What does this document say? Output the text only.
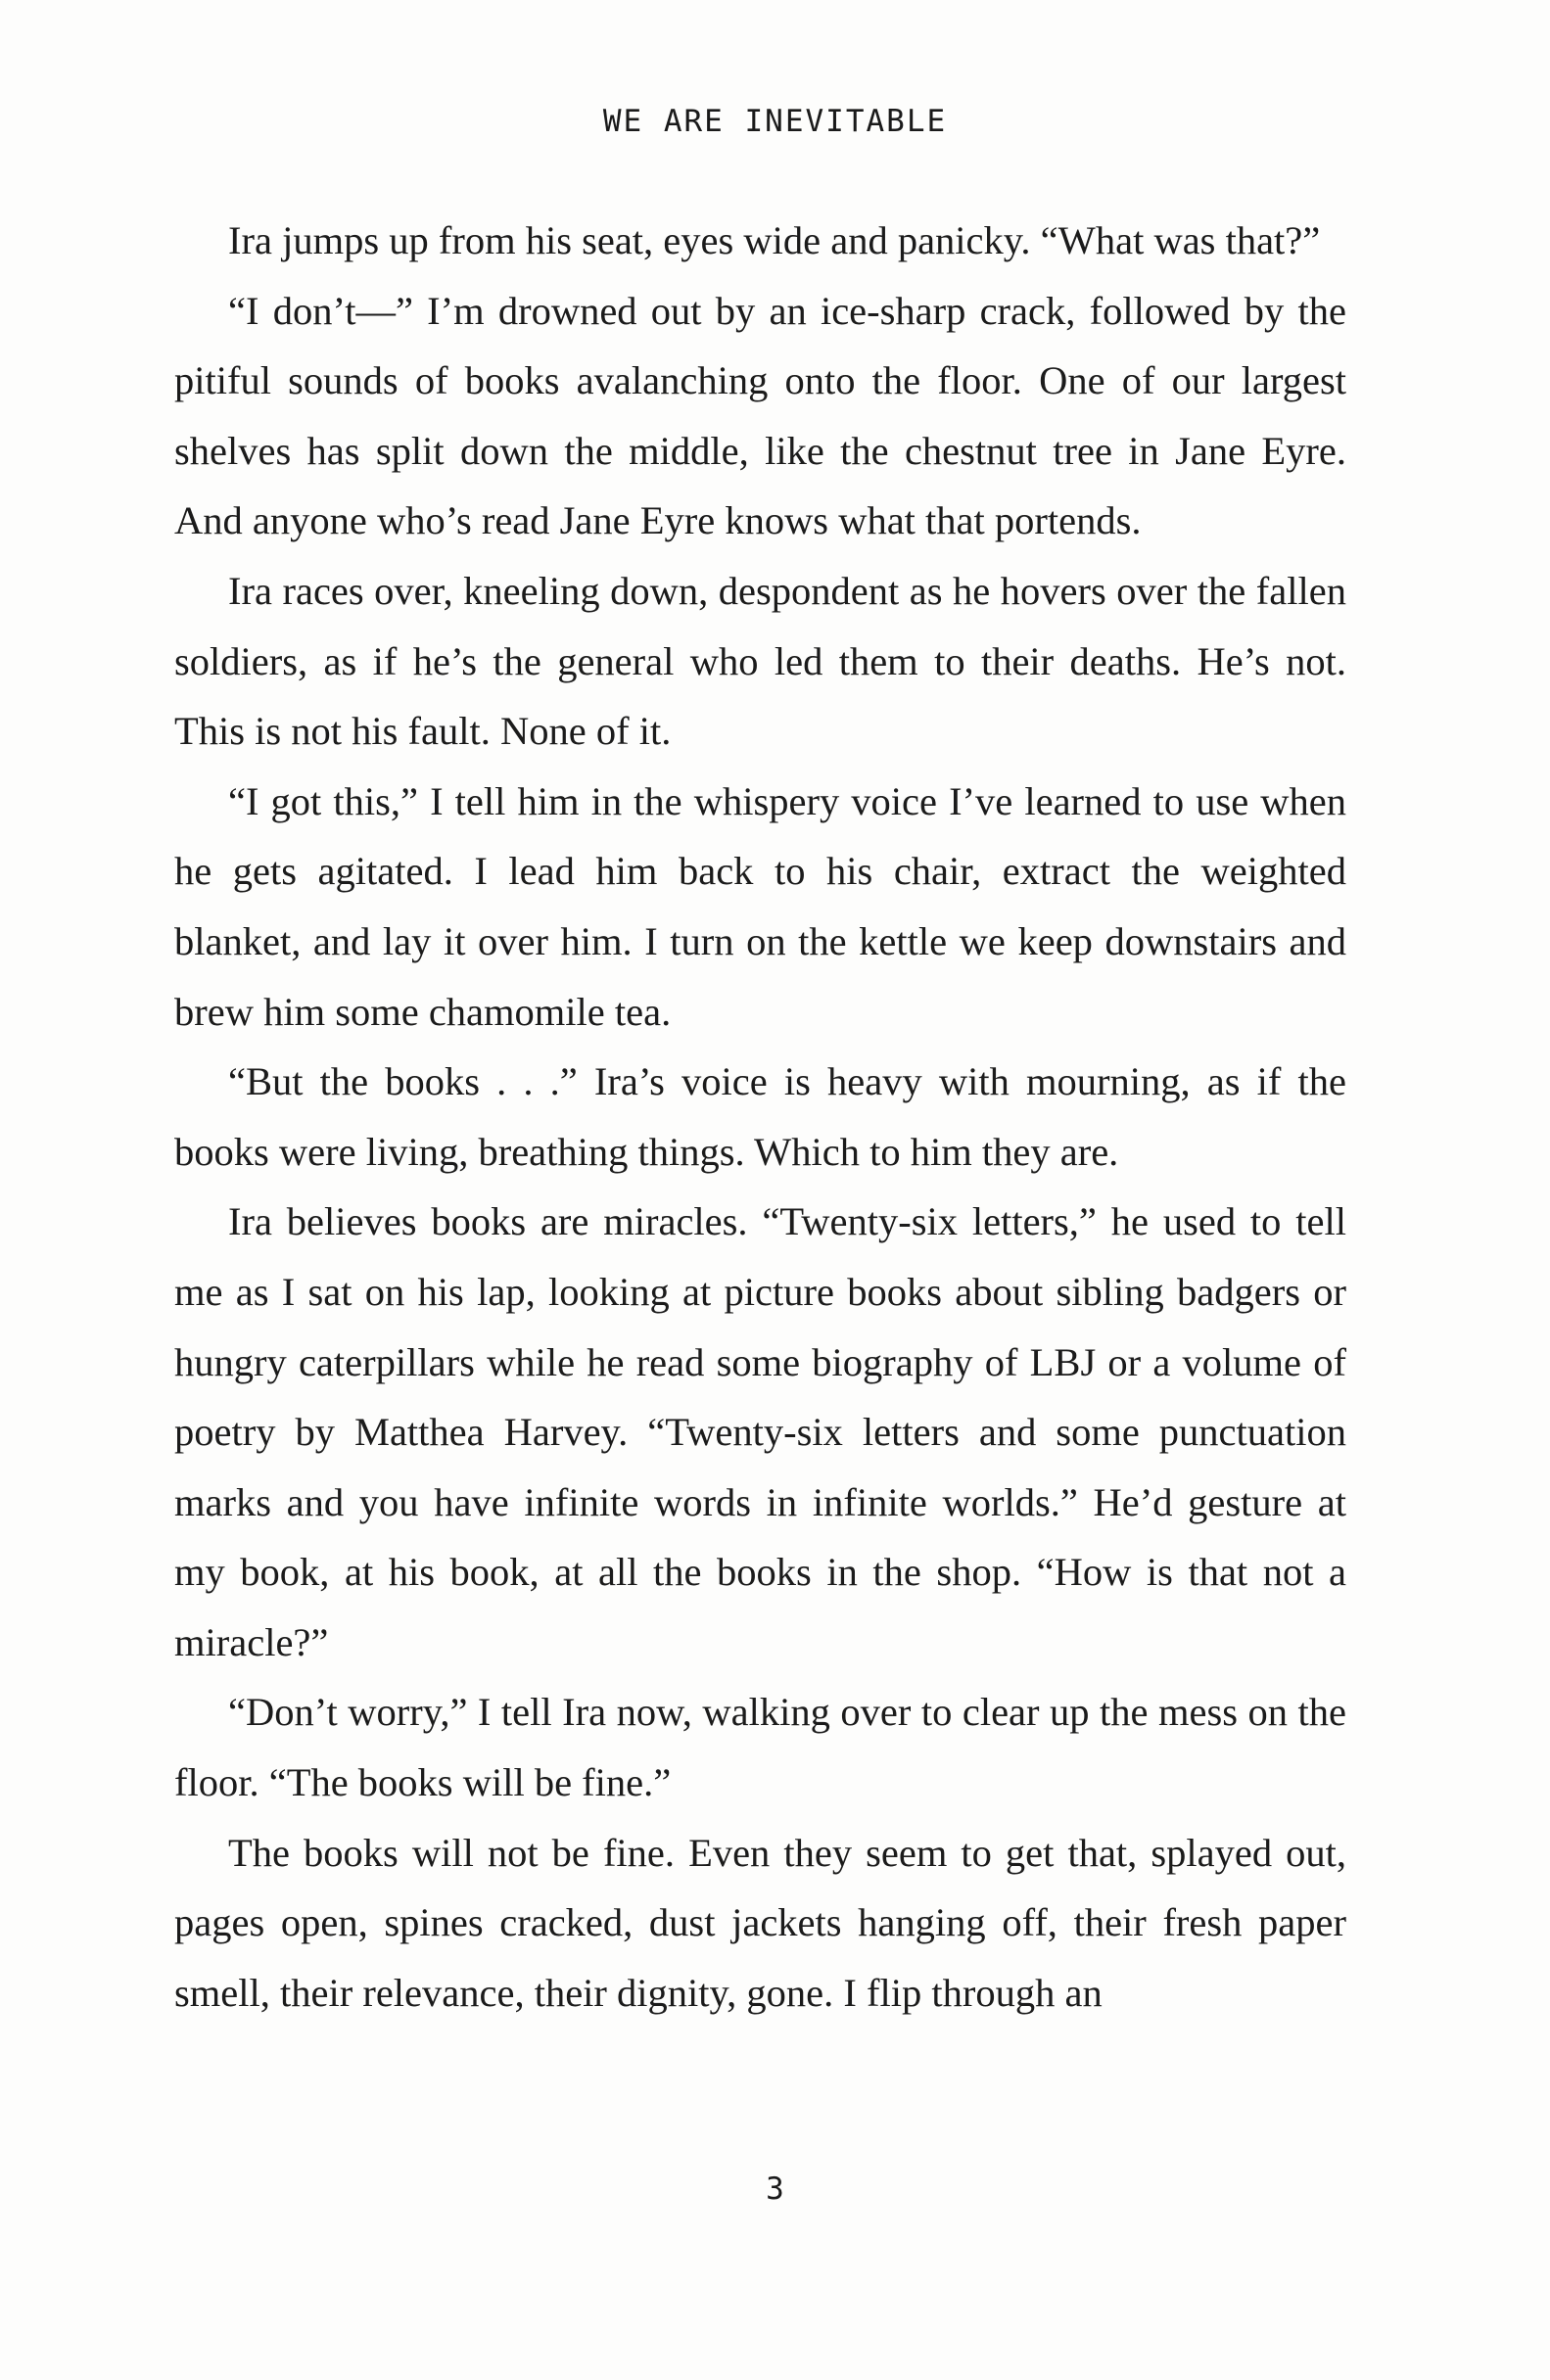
WE ARE INEVITABLE

Ira jumps up from his seat, eyes wide and panicky. “What was that?”

“I don’t—” I’m drowned out by an ice-sharp crack, followed by the pitiful sounds of books avalanching onto the floor. One of our largest shelves has split down the middle, like the chestnut tree in Jane Eyre. And anyone who’s read Jane Eyre knows what that portends.

Ira races over, kneeling down, despondent as he hovers over the fallen soldiers, as if he’s the general who led them to their deaths. He’s not. This is not his fault. None of it.

“I got this,” I tell him in the whispery voice I’ve learned to use when he gets agitated. I lead him back to his chair, extract the weighted blanket, and lay it over him. I turn on the kettle we keep downstairs and brew him some chamomile tea.

“But the books . . .” Ira’s voice is heavy with mourning, as if the books were living, breathing things. Which to him they are.

Ira believes books are miracles. “Twenty-six letters,” he used to tell me as I sat on his lap, looking at picture books about sibling badgers or hungry caterpillars while he read some biography of LBJ or a volume of poetry by Matthea Harvey. “Twenty-six letters and some punctuation marks and you have infinite words in infinite worlds.” He’d gesture at my book, at his book, at all the books in the shop. “How is that not a miracle?”

“Don’t worry,” I tell Ira now, walking over to clear up the mess on the floor. “The books will be fine.”

The books will not be fine. Even they seem to get that, splayed out, pages open, spines cracked, dust jackets hanging off, their fresh paper smell, their relevance, their dignity, gone. I flip through an

3
